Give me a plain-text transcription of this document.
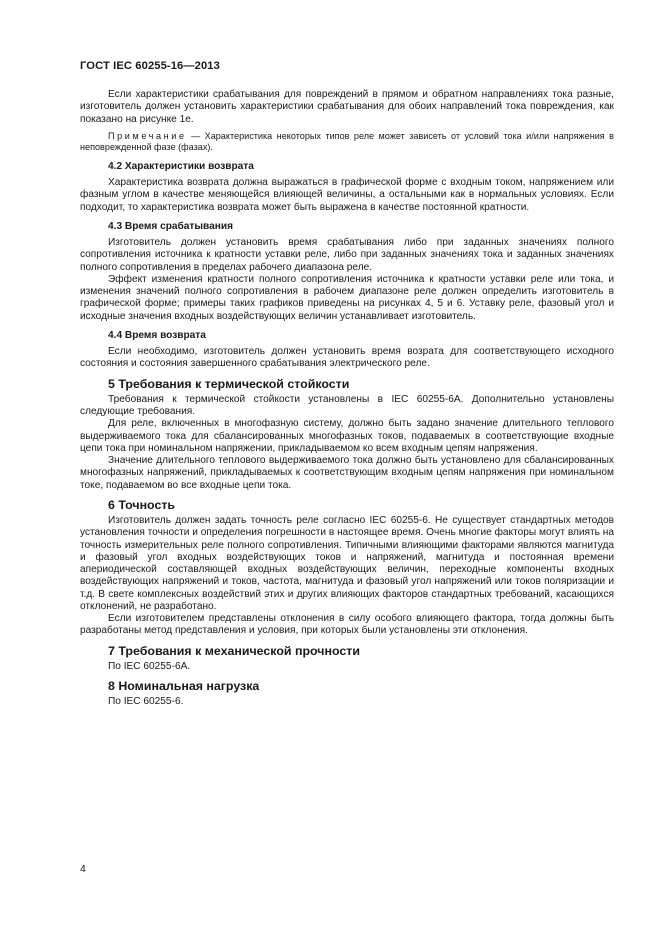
ГОСТ IEC 60255-16—2013

Если характеристики срабатывания для повреждений в прямом и обратном направлениях тока разные, изготовитель должен установить характеристики срабатывания для обоих направлений тока повреждения, как показано на рисунке 1е.

Примечание — Характеристика некоторых типов реле может зависеть от условий тока и/или напряжения в неповрежденной фазе (фазах).

4.2 Характеристики возврата

Характеристика возврата должна выражаться в графической форме с входным током, напряжением или фазным углом в качестве меняющейся влияющей величины, а остальными как в нормальных условиях. Если подходит, то характеристика возврата может быть выражена в качестве постоянной кратности.

4.3 Время срабатывания

Изготовитель должен установить время срабатывания либо при заданных значениях полного сопротивления источника к кратности уставки реле, либо при заданных значениях тока и заданных значениях полного сопротивления в пределах рабочего диапазона реле.

Эффект изменения кратности полного сопротивления источника к кратности уставки реле или тока, и изменения значений полного сопротивления в рабочем диапазоне реле должен определить изготовитель в графической форме; примеры таких графиков приведены на рисунках 4, 5 и 6. Уставку реле, фазовый угол и исходные значения входных воздействующих величин устанавливает изготовитель.

4.4 Время возврата

Если необходимо, изготовитель должен установить время возрата для соответствующего исходного состояния и состояния завершенного срабатывания электрического реле.

5 Требования к термической стойкости

Требования к термической стойкости установлены в IEC 60255-6А. Дополнительно установлены следующие требования.

Для реле, включенных в многофазную систему, должно быть задано значение длительного теплового выдерживаемого тока для сбалансированных многофазных токов, подаваемых в соответствующие входные цепи тока при номинальном напряжении, прикладываемом ко всем входным цепям напряжения.

Значение длительного теплового выдерживаемого тока должно быть установлено для сбалансированных многофазных напряжений, прикладываемых к соответствующим входным цепям напряжения при номинальном токе, подаваемом во все входные цепи тока.

6 Точность

Изготовитель должен задать точность реле согласно IEC 60255-6. Не существует стандартных методов установления точности и определения погрешности в настоящее время. Очень многие факторы могут влиять на точность измерительных реле полного сопротивления. Типичными влияющими факторами являются магнитуда и фазовый угол входных воздействующих токов и напряжений, магнитуда и постоянная времени апериодической составляющей входных воздействующих величин, переходные компоненты входных воздействующих напряжений и токов, частота, магнитуда и фазовый угол напряжений или токов поляризации и т.д. В свете комплексных воздействий этих и других влияющих факторов стандартных требований, касающихся отклонений, не разработано.

Если изготовителем представлены отклонения в силу особого влияющего фактора, тогда должны быть разработаны метод представления и условия, при которых были установлены эти отклонения.

7 Требования к механической прочности

По IEC 60255-6А.

8 Номинальная нагрузка

По IEC 60255-6.

4
